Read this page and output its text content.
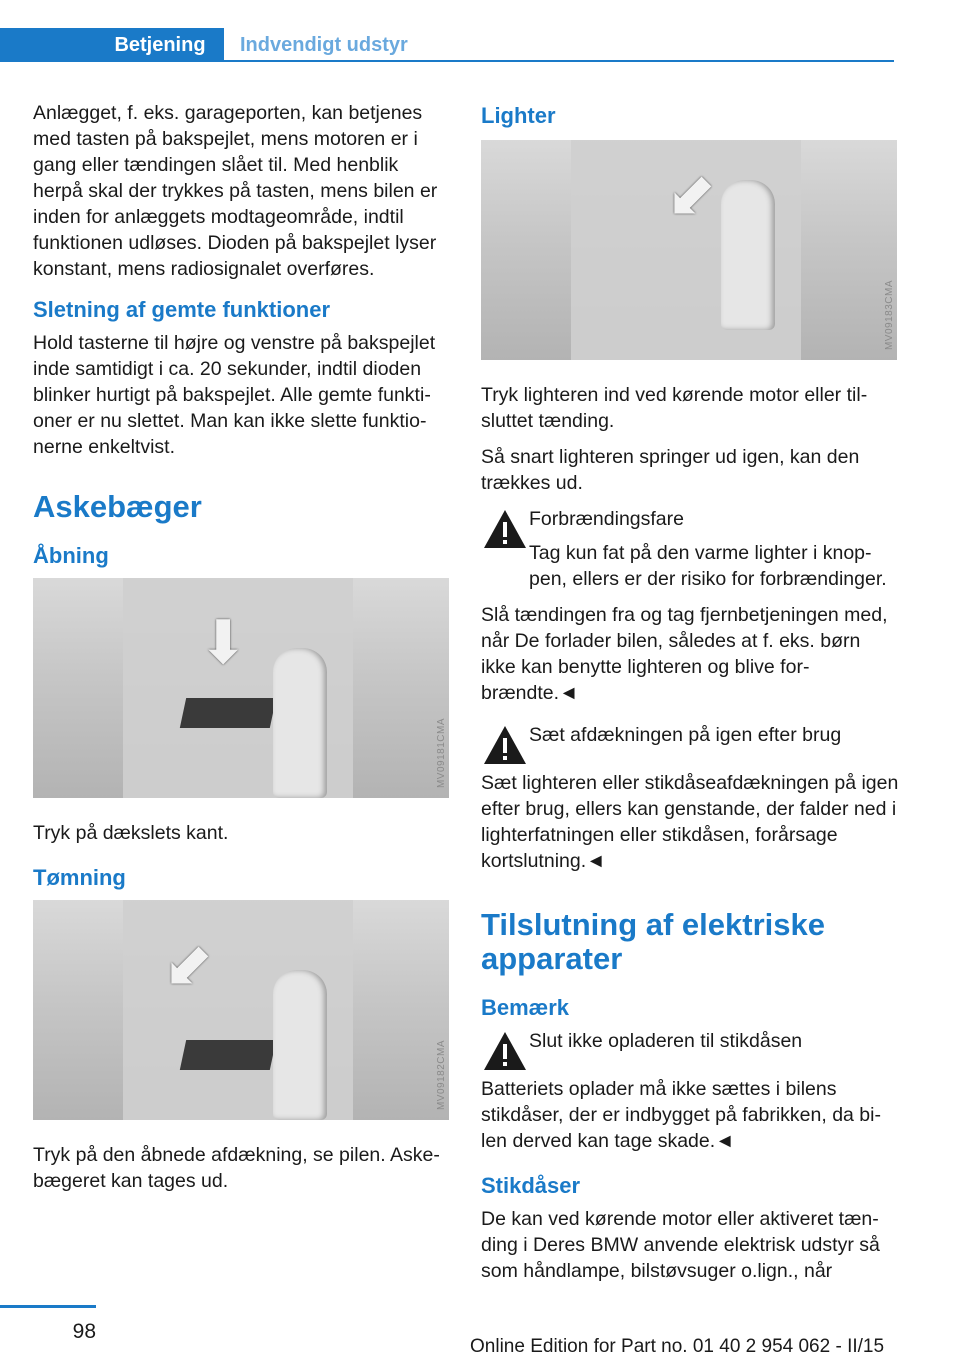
Betjening	Indvendigt udstyr

Anlægget, f. eks. garageporten, kan betjenes med tasten på bakspejlet, mens motoren er i gang eller tændingen slået til. Med henblik herpå skal der trykkes på tasten, mens bilen er inden for anlæggets modtageområde, indtil funktionen udløses. Dioden på bakspejlet lyser konstant, mens radiosignalet overføres.

Sletning af gemte funktioner

Hold tasterne til højre og venstre på bakspejlet inde samtidigt i ca. 20 sekunder, indtil dioden blinker hurtigt på bakspejlet. Alle gemte funktioner er nu slettet. Man kan ikke slette funktionerne enkeltvist.

Askebæger
Åbning
⬇
MV09181CMA

Tryk på dækslets kant.

Tømning
⬋
MV09182CMA

Tryk på den åbnede afdækning, se pilen. Askebægeret kan tages ud.

Lighter
⬋
MV09183CMA

Tryk lighteren ind ved kørende motor eller tilsluttet tænding.

Så snart lighteren springer ud igen, kan den trækkes ud.

Forbrændingsfare

Tag kun fat på den varme lighter i knoppen, ellers er der risiko for forbrændinger.

Slå tændingen fra og tag fjernbetjeningen med, når De forlader bilen, således at f. eks. børn ikke kan benytte lighteren og blive forbrændte.◄

Sæt afdækningen på igen efter brug

Sæt lighteren eller stikdåseafdækningen på igen efter brug, ellers kan genstande, der falder ned i lighterfatningen eller stikdåsen, forårsage kortslutning.◄

Tilslutning af elektriske apparater
Bemærk

Slut ikke opladeren til stikdåsen

Batteriets oplader må ikke sættes i bilens stikdåser, der er indbygget på fabrikken, da bilen derved kan tage skade.◄

Stikdåser

De kan ved kørende motor eller aktiveret tænding i Deres BMW anvende elektrisk udstyr så som håndlampe, bilstøvsuger o.lign., når

98
Online Edition for Part no. 01 40 2 954 062 - II/15
